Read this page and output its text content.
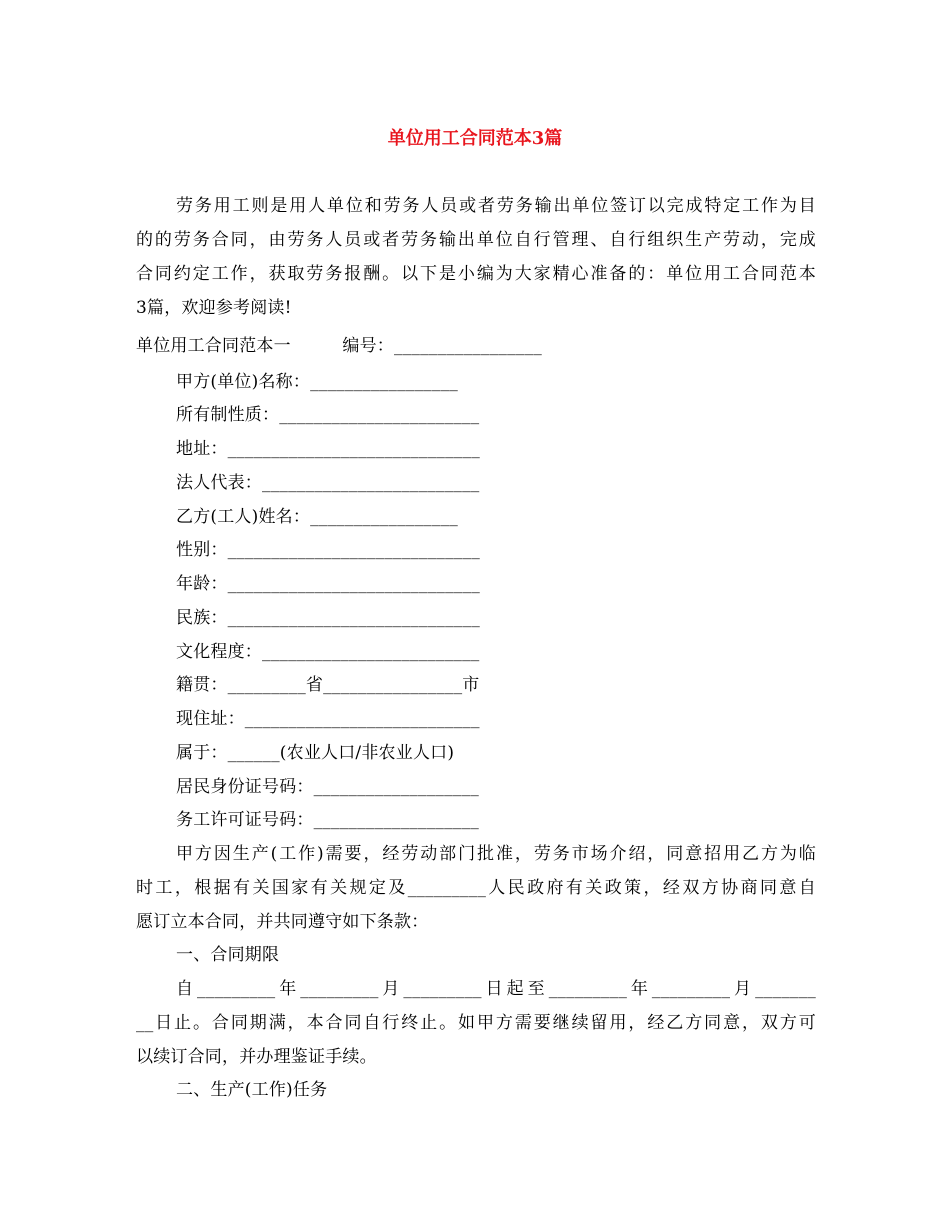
单位用工合同范本3篇
劳务用工则是用人单位和劳务人员或者劳务输出单位签订以完成特定工作为目
的的劳务合同，由劳务人员或者劳务输出单位自行管理、自行组织生产劳动，完成
合同约定工作，获取劳务报酬。以下是小编为大家精心准备的：单位用工合同范本
3篇，欢迎参考阅读!
单位用工合同范本一　　　编号：_________________
甲方(单位)名称：_________________
所有制性质：_______________________
地址：_____________________________
法人代表：_________________________
乙方(工人)姓名：_________________
性别：_____________________________
年龄：_____________________________
民族：_____________________________
文化程度：_________________________
籍贯：_________省________________市
现住址：___________________________
属于：______(农业人口/非农业人口)
居民身份证号码：___________________
务工许可证号码：___________________
甲方因生产(工作)需要，经劳动部门批准，劳务市场介绍，同意招用乙方为临
时工，根据有关国家有关规定及_________人民政府有关政策，经双方协商同意自
愿订立本合同，并共同遵守如下条款：
一、合同期限
自_________年_________月_________日起至_________年_________月_______
__日止。合同期满，本合同自行终止。如甲方需要继续留用，经乙方同意，双方可
以续订合同，并办理鉴证手续。
二、生产(工作)任务
